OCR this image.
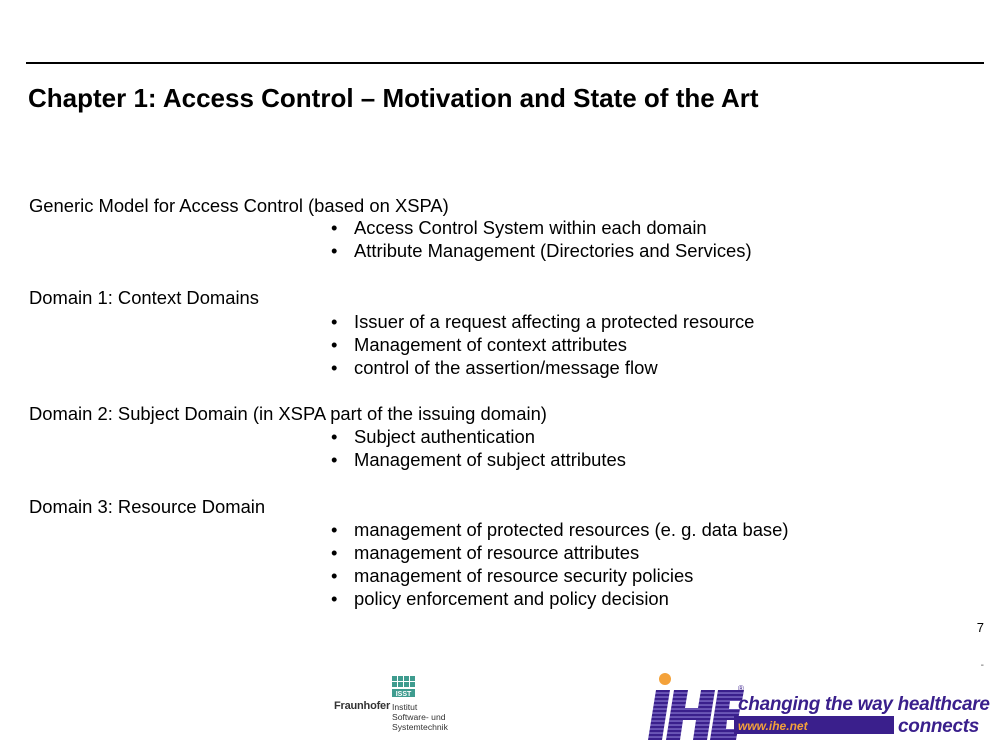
Chapter 1: Access Control – Motivation and State of the Art
Generic Model for Access Control (based on XSPA)
• Access Control System within each domain
• Attribute Management (Directories and Services)
Domain 1: Context Domains
• Issuer of a request affecting a protected resource
• Management of context attributes
• control of the assertion/message flow
Domain 2: Subject Domain (in XSPA part of the issuing domain)
• Subject authentication
• Management of subject attributes
Domain 3: Resource Domain
• management of protected resources (e. g. data base)
• management of resource attributes
• management of resource security policies
• policy enforcement and policy decision
7
-
Fraunhofer
ISST
Institut
Software- und
Systemtechnik
®
changing the way healthcare
www.ihe.net	connects
